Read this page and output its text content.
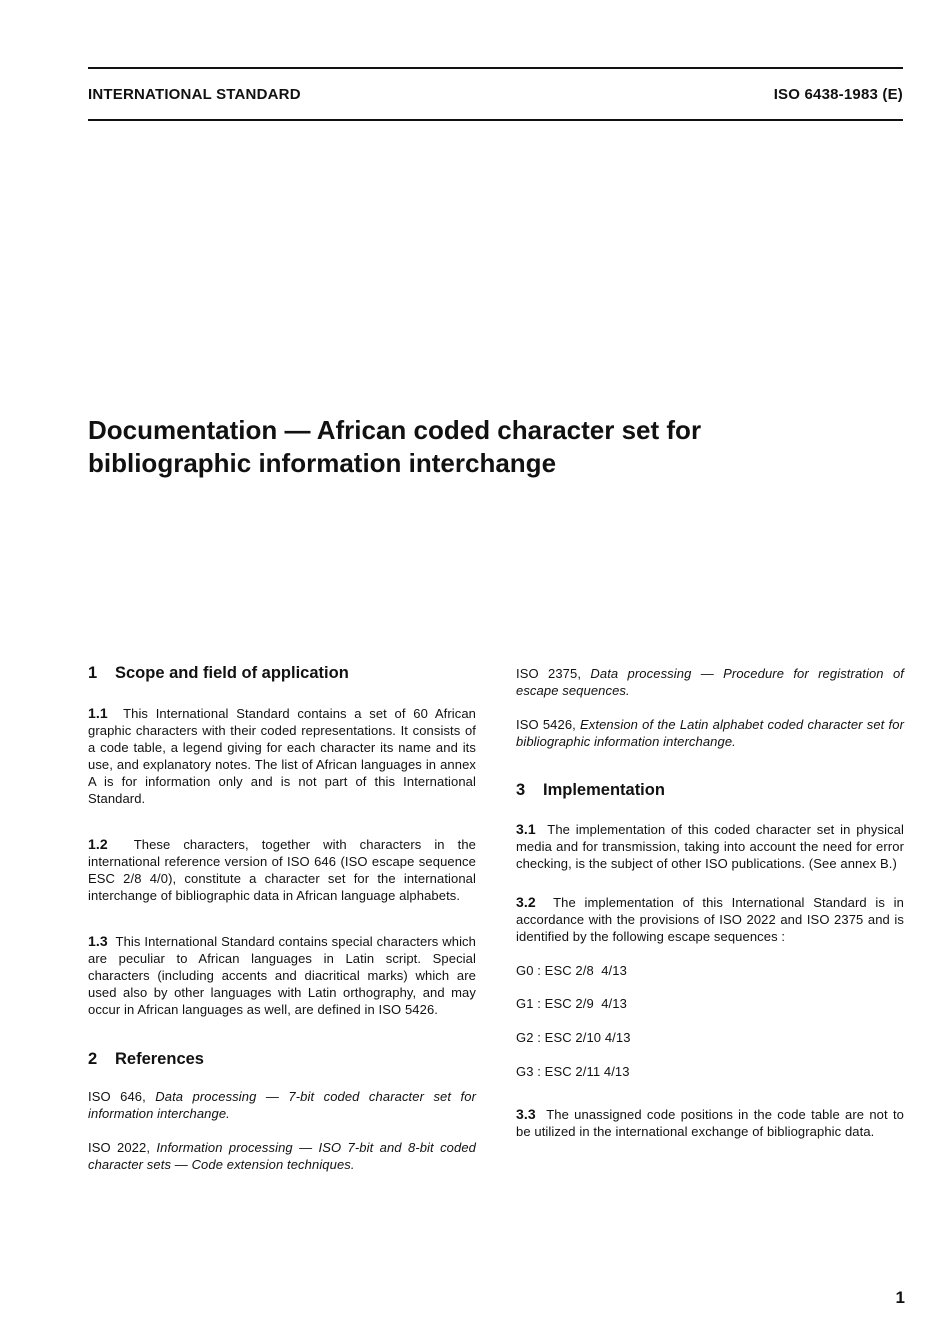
INTERNATIONAL STANDARD	ISO 6438-1983 (E)
Documentation — African coded character set for
bibliographic information interchange
1 Scope and field of application

1.1 This International Standard contains a set of 60 African graphic characters with their coded representations. It consists of a code table, a legend giving for each character its name and its use, and explanatory notes. The list of African languages in annex A is for information only and is not part of this International Standard.

1.2 These characters, together with characters in the international reference version of ISO 646 (ISO escape sequence ESC 2/8 4/0), constitute a character set for the international interchange of bibliographic data in African language alphabets.

1.3 This International Standard contains special characters which are peculiar to African languages in Latin script. Special characters (including accents and diacritical marks) which are used also by other languages with Latin orthography, and may occur in African languages as well, are defined in ISO 5426.

2 References

ISO 646, Data processing — 7-bit coded character set for information interchange.

ISO 2022, Information processing — ISO 7-bit and 8-bit coded character sets — Code extension techniques.

ISO 2375, Data processing — Procedure for registration of escape sequences.

ISO 5426, Extension of the Latin alphabet coded character set for bibliographic information interchange.

3 Implementation

3.1 The implementation of this coded character set in physical media and for transmission, taking into account the need for error checking, is the subject of other ISO publications. (See annex B.)

3.2 The implementation of this International Standard is in accordance with the provisions of ISO 2022 and ISO 2375 and is identified by the following escape sequences :

G0 : ESC 2/8  4/13

G1 : ESC 2/9  4/13

G2 : ESC 2/10 4/13

G3 : ESC 2/11 4/13

3.3 The unassigned code positions in the code table are not to be utilized in the international exchange of bibliographic data.

1
